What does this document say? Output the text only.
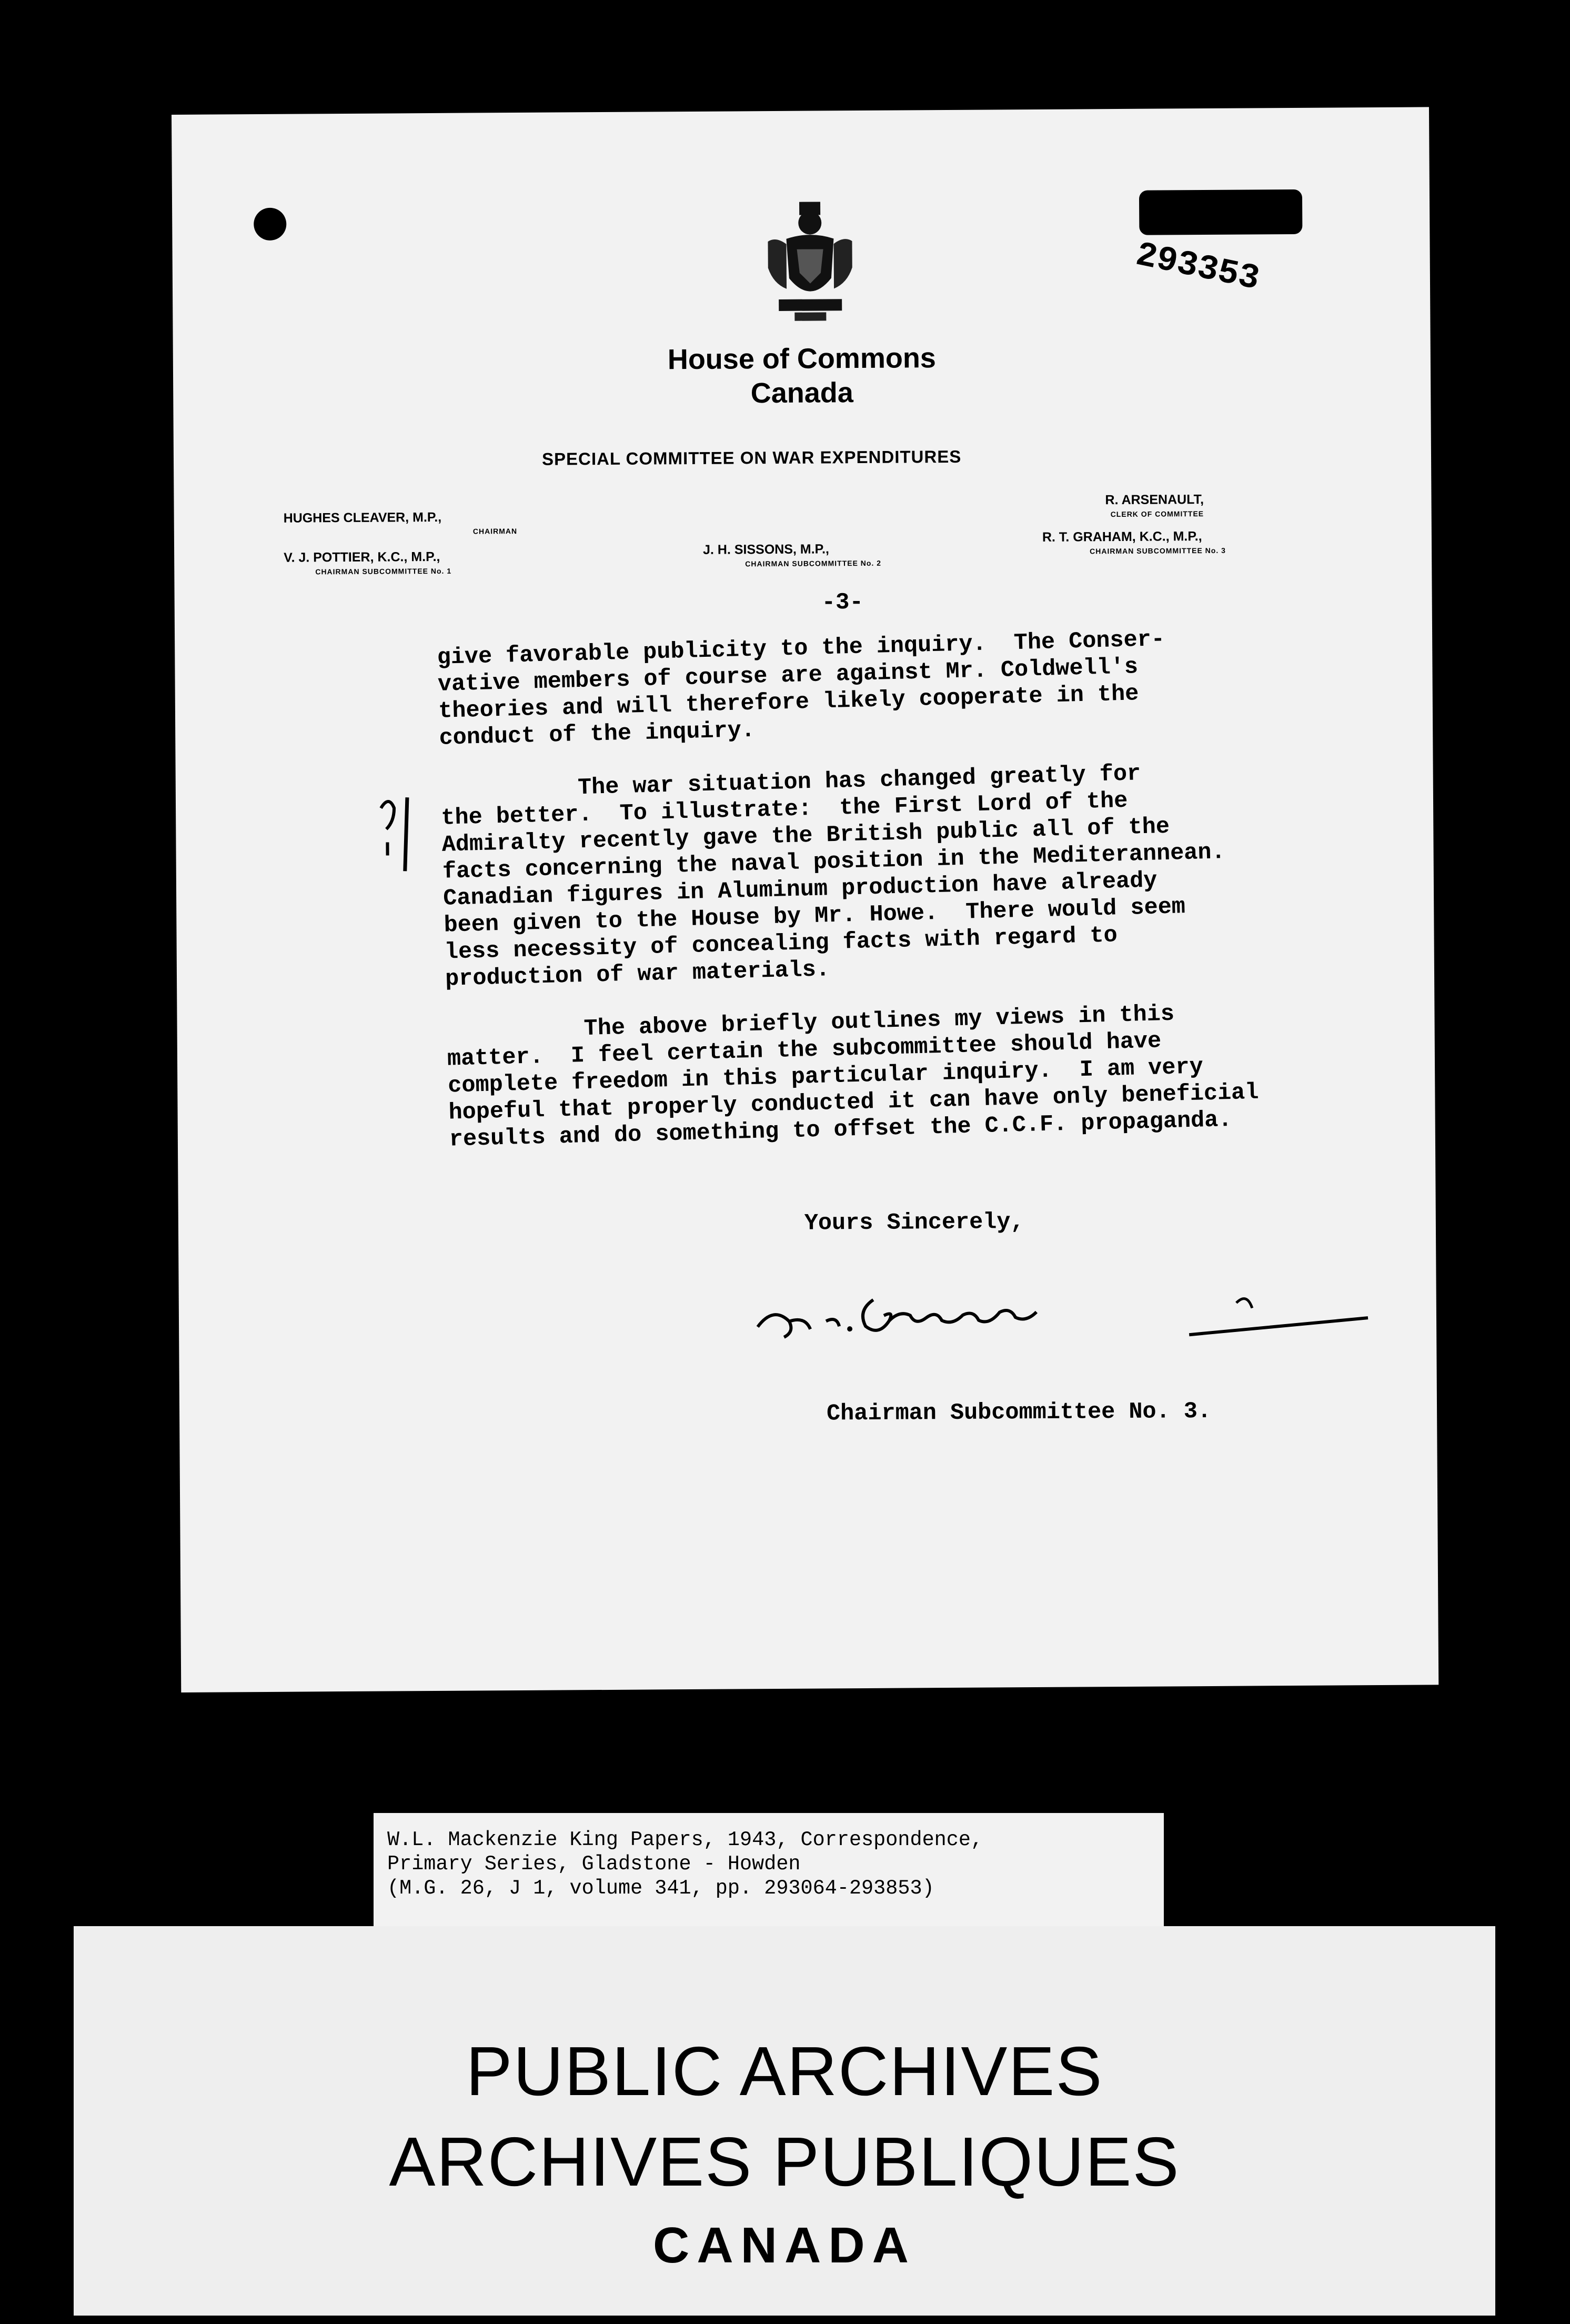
293353
House of Commons
Canada
SPECIAL COMMITTEE ON WAR EXPENDITURES
HUGHES CLEAVER, M.P.,
CHAIRMAN
V. J. POTTIER, K.C., M.P.,
CHAIRMAN SUBCOMMITTEE No. 1
J. H. SISSONS, M.P.,
CHAIRMAN SUBCOMMITTEE No. 2
R. ARSENAULT,
CLERK OF COMMITTEE
R. T. GRAHAM, K.C., M.P.,
CHAIRMAN SUBCOMMITTEE No. 3
-3-

give favorable publicity to the inquiry.  The Conser-
vative members of course are against Mr. Coldwell's
theories and will therefore likely cooperate in the
conduct of the inquiry.

The war situation has changed greatly for
the better.  To illustrate:  the First Lord of the
Admiralty recently gave the British public all of the
facts concerning the naval position in the Mediterannean.
Canadian figures in Aluminum production have already
been given to the House by Mr. Howe.  There would seem
less necessity of concealing facts with regard to
production of war materials.

The above briefly outlines my views in this
matter.  I feel certain the subcommittee should have
complete freedom in this particular inquiry.  I am very
hopeful that properly conducted it can have only beneficial
results and do something to offset the C.C.F. propaganda.

Yours Sincerely,
R. T. Graham
Chairman Subcommittee No. 3.
W.L. Mackenzie King Papers, 1943, Correspondence,
Primary Series, Gladstone - Howden
(M.G. 26, J 1, volume 341, pp. 293064-293853)
PUBLIC ARCHIVES
ARCHIVES PUBLIQUES
CANADA
